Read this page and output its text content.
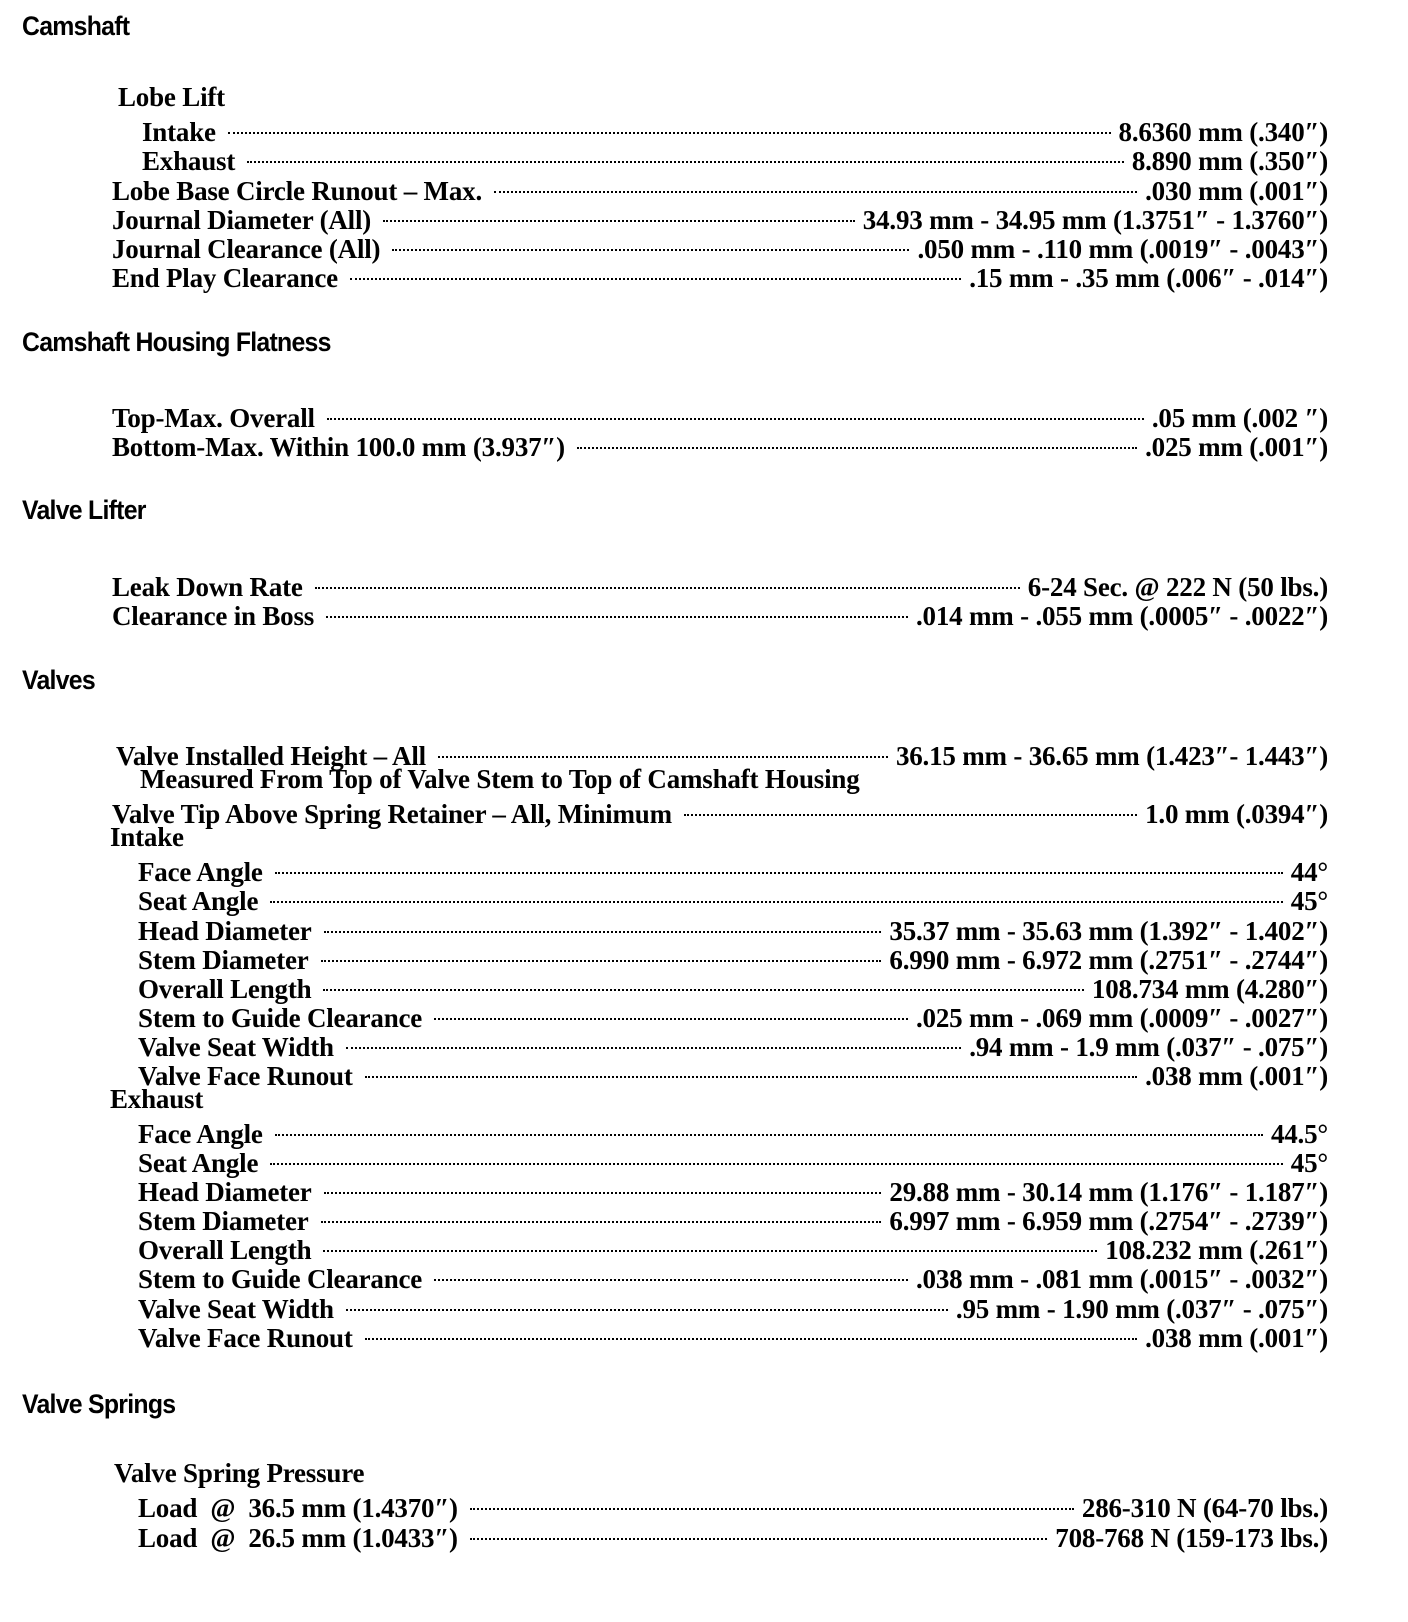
Camshaft
Lobe Lift
Intake	8.6360 mm (.340″)
Exhaust	8.890 mm (.350″)
Lobe Base Circle Runout – Max.	.030 mm (.001″)
Journal Diameter (All)	34.93 mm - 34.95 mm (1.3751″ - 1.3760″)
Journal Clearance (All)	.050 mm - .110 mm (.0019″ - .0043″)
End Play Clearance	.15 mm - .35 mm (.006″ - .014″)
Camshaft Housing Flatness
Top-Max. Overall	.05 mm (.002 ″)
Bottom-Max. Within 100.0 mm (3.937″)	.025 mm (.001″)
Valve Lifter
Leak Down Rate	6-24 Sec. @ 222 N (50 lbs.)
Clearance in Boss	.014 mm - .055 mm (.0005″ - .0022″)
Valves
Valve Installed Height – All	36.15 mm - 36.65 mm (1.423″- 1.443″)
Measured From Top of Valve Stem to Top of Camshaft Housing
Valve Tip Above Spring Retainer – All, Minimum	1.0 mm (.0394″)
Intake
Face Angle	44°
Seat Angle	45°
Head Diameter	35.37 mm - 35.63 mm (1.392″ - 1.402″)
Stem Diameter	6.990 mm - 6.972 mm (.2751″ - .2744″)
Overall Length	108.734 mm (4.280″)
Stem to Guide Clearance	.025 mm - .069 mm (.0009″ - .0027″)
Valve Seat Width	.94 mm - 1.9 mm (.037″ - .075″)
Valve Face Runout	.038 mm (.001″)
Exhaust
Face Angle	44.5°
Seat Angle	45°
Head Diameter	29.88 mm - 30.14 mm (1.176″ - 1.187″)
Stem Diameter	6.997 mm - 6.959 mm (.2754″ - .2739″)
Overall Length	108.232 mm (.261″)
Stem to Guide Clearance	.038 mm - .081 mm (.0015″ - .0032″)
Valve Seat Width	.95 mm - 1.90 mm (.037″ - .075″)
Valve Face Runout	.038 mm (.001″)
Valve Springs
Valve Spring Pressure
Load  @  36.5 mm (1.4370″)	286-310 N (64-70 lbs.)
Load  @  26.5 mm (1.0433″)	708-768 N (159-173 lbs.)
